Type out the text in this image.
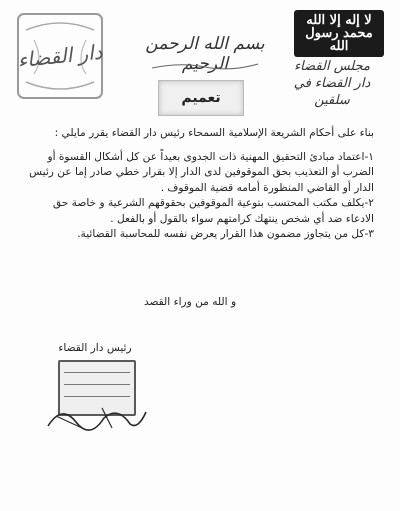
دار القضاء	بسم الله الرحمن الرحيم
لا إله إلا الله محمد رسول الله
مجلس القضاء
دار القضاء في سلقين
تعميم

بناء على أحكام الشريعة الإسلامية السمحاء رئيس دار القضاء يقرر مايلي :

١-اعتماد مبادئ التحقيق المهنية ذات الجدوى بعيداً عن كل أشكال القسوة أو الضرب أو التعذيب بحق الموقوفين لدى الدار إلا بقرار خطي صادر إما عن رئيس الدار أو القاضي المنظورة أمامه قضية الموقوف .

٢-يكلف مكتب المحتسب بتوعية الموقوفين بحقوقهم الشرعية و خاصة حق الادعاء ضد أي شخص ينتهك كرامتهم سواء بالقول أو بالفعل .

٣-كل من يتجاوز مضمون هذا القرار يعرض نفسه للمحاسبة القضائية.

و الله من وراء القصد
رئيس دار القضاء
